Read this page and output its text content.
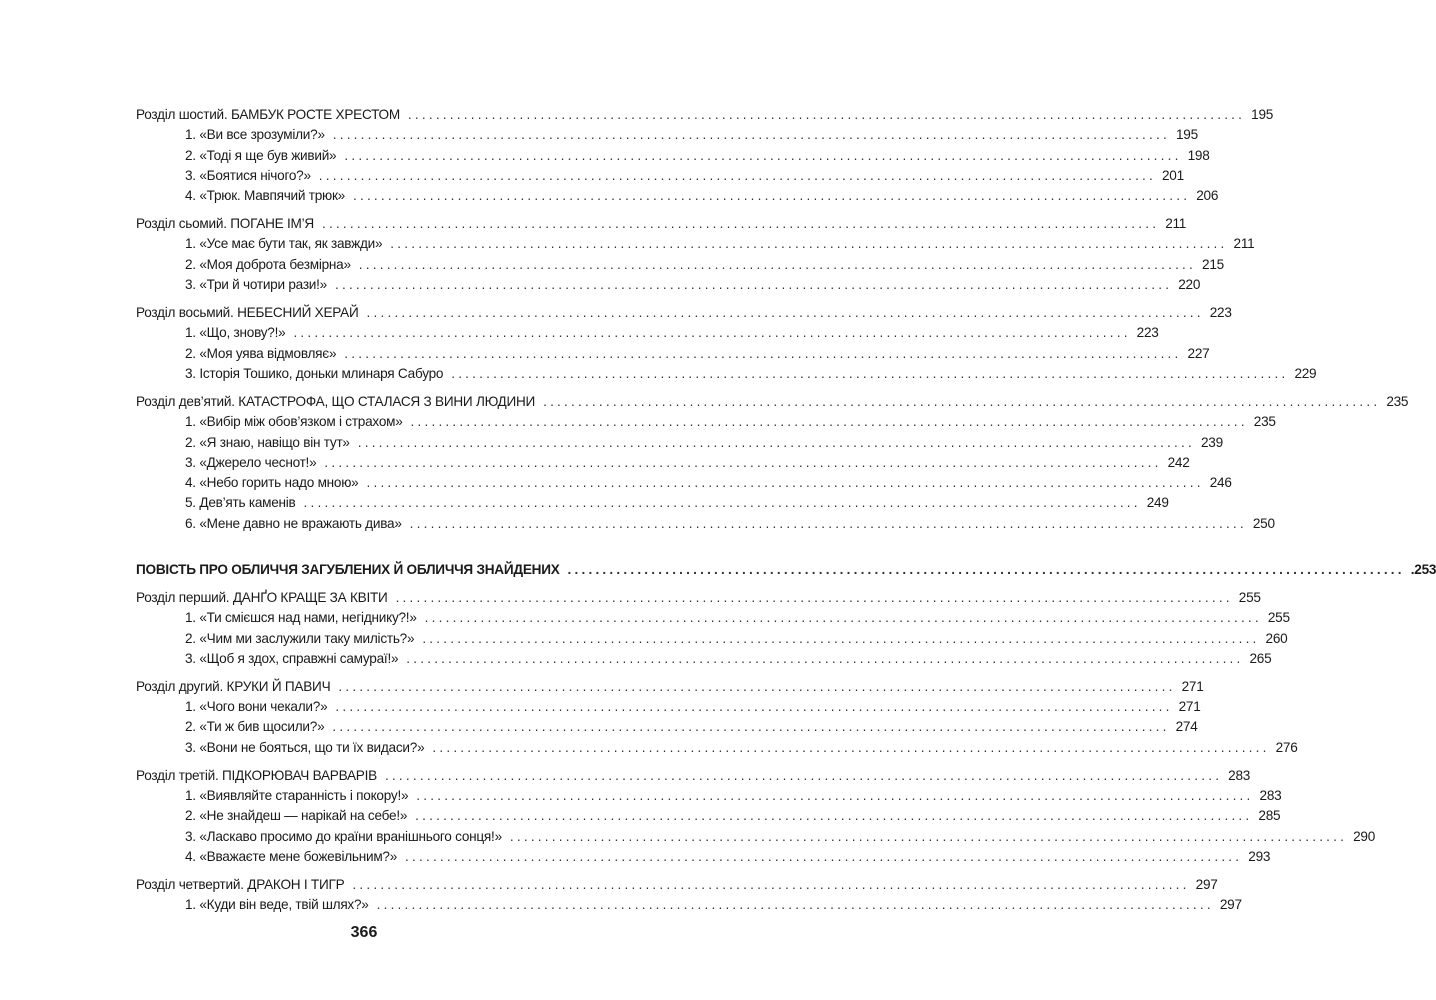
Розділ шостий. БАМБУК РОСТЕ ХРЕСТОМ ........................................................................................................................ 195
1. «Ви все зрозуміли?» ........................................................................................................................ 195
2. «Тоді я ще був живий» ........................................................................................................................ 198
3. «Боятися нічого?» ........................................................................................................................ 201
4. «Трюк. Мавпячий трюк» ........................................................................................................................ 206
Розділ сьомий. ПОГАНЕ ІМ’Я ........................................................................................................................ 211
1. «Усе має бути так, як завжди» ........................................................................................................................ 211
2. «Моя доброта безмірна» ........................................................................................................................ 215
3. «Три й чотири рази!» ........................................................................................................................ 220
Розділ восьмий. НЕБЕСНИЙ ХЕРАЙ ........................................................................................................................ 223
1. «Що, знову?!» ........................................................................................................................ 223
2. «Моя уява відмовляє» ........................................................................................................................ 227
3. Історія Тошико, доньки млинаря Сабуро ........................................................................................................................ 229
Розділ дев’ятий. КАТАСТРОФА, ЩО СТАЛАСЯ З ВИНИ ЛЮДИНИ ........................................................................................................................ 235
1. «Вибір між обов’язком і страхом» ........................................................................................................................ 235
2. «Я знаю, навіщо він тут» ........................................................................................................................ 239
3. «Джерело чеснот!» ........................................................................................................................ 242
4. «Небо горить надо мною» ........................................................................................................................ 246
5. Дев’ять каменів ........................................................................................................................ 249
6. «Мене давно не вражають дива» ........................................................................................................................ 250
ПОВІСТЬ ПРО ОБЛИЧЧЯ ЗАГУБЛЕНИХ Й ОБЛИЧЧЯ ЗНАЙДЕНИХ ........................................................................................................................ .253
Розділ перший. ДАНҐО КРАЩЕ ЗА КВІТИ ........................................................................................................................ 255
1. «Ти смієшся над нами, негіднику?!» ........................................................................................................................ 255
2. «Чим ми заслужили таку милість?» ........................................................................................................................ 260
3. «Щоб я здох, справжні самураї!» ........................................................................................................................ 265
Розділ другий. КРУКИ Й ПАВИЧ ........................................................................................................................ 271
1. «Чого вони чекали?» ........................................................................................................................ 271
2. «Ти ж бив щосили?» ........................................................................................................................ 274
3. «Вони не бояться, що ти їх видаси?» ........................................................................................................................ 276
Розділ третій. ПІДКОРЮВАЧ ВАРВАРІВ ........................................................................................................................ 283
1. «Виявляйте старанність і покору!» ........................................................................................................................ 283
2. «Не знайдеш — нарікай на себе!» ........................................................................................................................ 285
3. «Ласкаво просимо до країни вранішнього сонця!» ........................................................................................................................ 290
4. «Вважаєте мене божевільним?» ........................................................................................................................ 293
Розділ четвертий. ДРАКОН І ТИГР ........................................................................................................................ 297
1. «Куди він веде, твій шлях?» ........................................................................................................................ 297
366
